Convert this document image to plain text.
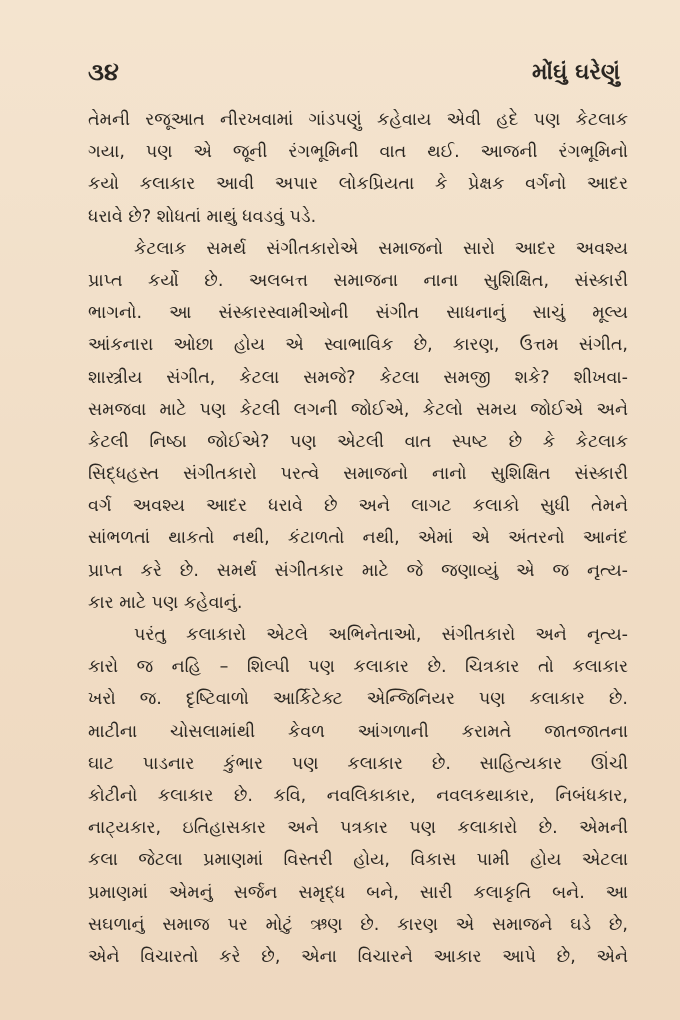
૩૪	મોંઘું ઘરેણું
તેમની રજૂઆત નીરખવામાં ગાંડપણું કહેવાય એવી હદે પણ કેટલાક
ગયા, પણ એ જૂની રંગભૂમિની વાત થઈ. આજની રંગભૂમિનો
કયો કલાકાર આવી અપાર લોકપ્રિયતા કે પ્રેક્ષક વર્ગનો આદર
ધરાવે છે? શોધતાં માથું ધવડવું પડે.
કેટલાક સમર્થ સંગીતકારોએ સમાજનો સારો આદર અવશ્ય
પ્રાપ્ત કર્યો છે. અલબત્ત સમાજના નાના સુશિક્ષિત, સંસ્કારી
ભાગનો. આ સંસ્કારસ્વામીઓની સંગીત સાધનાનું સાચું મૂલ્ય
આંકનારા ઓછા હોય એ સ્વાભાવિક છે, કારણ, ઉત્તમ સંગીત,
શાસ્ત્રીય સંગીત, કેટલા સમજે? કેટલા સમજી શકે? શીખવા-
સમજવા માટે પણ કેટલી લગની જોઈએ, કેટલો સમય જોઈએ અને
કેટલી નિષ્ઠા જોઈએ? પણ એટલી વાત સ્પષ્ટ છે કે કેટલાક
સિદ્ધહસ્ત સંગીતકારો પરત્વે સમાજનો નાનો સુશિક્ષિત સંસ્કારી
વર્ગ અવશ્ય આદર ધરાવે છે અને લાગટ કલાકો સુધી તેમને
સાંભળતાં થાકતો નથી, કંટાળતો નથી, એમાં એ અંતરનો આનંદ
પ્રાપ્ત કરે છે. સમર્થ સંગીતકાર માટે જે જણાવ્યું એ જ નૃત્ય-
કાર માટે પણ કહેવાનું.
પરંતુ કલાકારો એટલે અભિનેતાઓ, સંગીતકારો અને નૃત્ય-
કારો જ નહિ – શિલ્પી પણ કલાકાર છે. ચિત્રકાર તો કલાકાર
ખરો જ. દૃષ્ટિવાળો આર્કિટેક્ટ એન્જિનિયર પણ કલાકાર છે.
માટીના ચોસલામાંથી કેવળ આંગળાની કરામતે જાતજાતના
ઘાટ પાડનાર કુંભાર પણ કલાકાર છે. સાહિત્યકાર ઊંચી
કોટીનો કલાકાર છે. કવિ, નવલિકાકાર, નવલકથાકાર, નિબંધકાર,
નાટ્યકાર, ઇતિહાસકાર અને પત્રકાર પણ કલાકારો છે. એમની
કલા જેટલા પ્રમાણમાં વિસ્તરી હોય, વિકાસ પામી હોય એટલા
પ્રમાણમાં એમનું સર્જન સમૃદ્ધ બને, સારી કલાકૃતિ બને. આ
સઘળાનું સમાજ પર મોટું ઋણ છે. કારણ એ સમાજને ઘડે છે,
એને વિચારતો કરે છે, એના વિચારને આકાર આપે છે, એને
